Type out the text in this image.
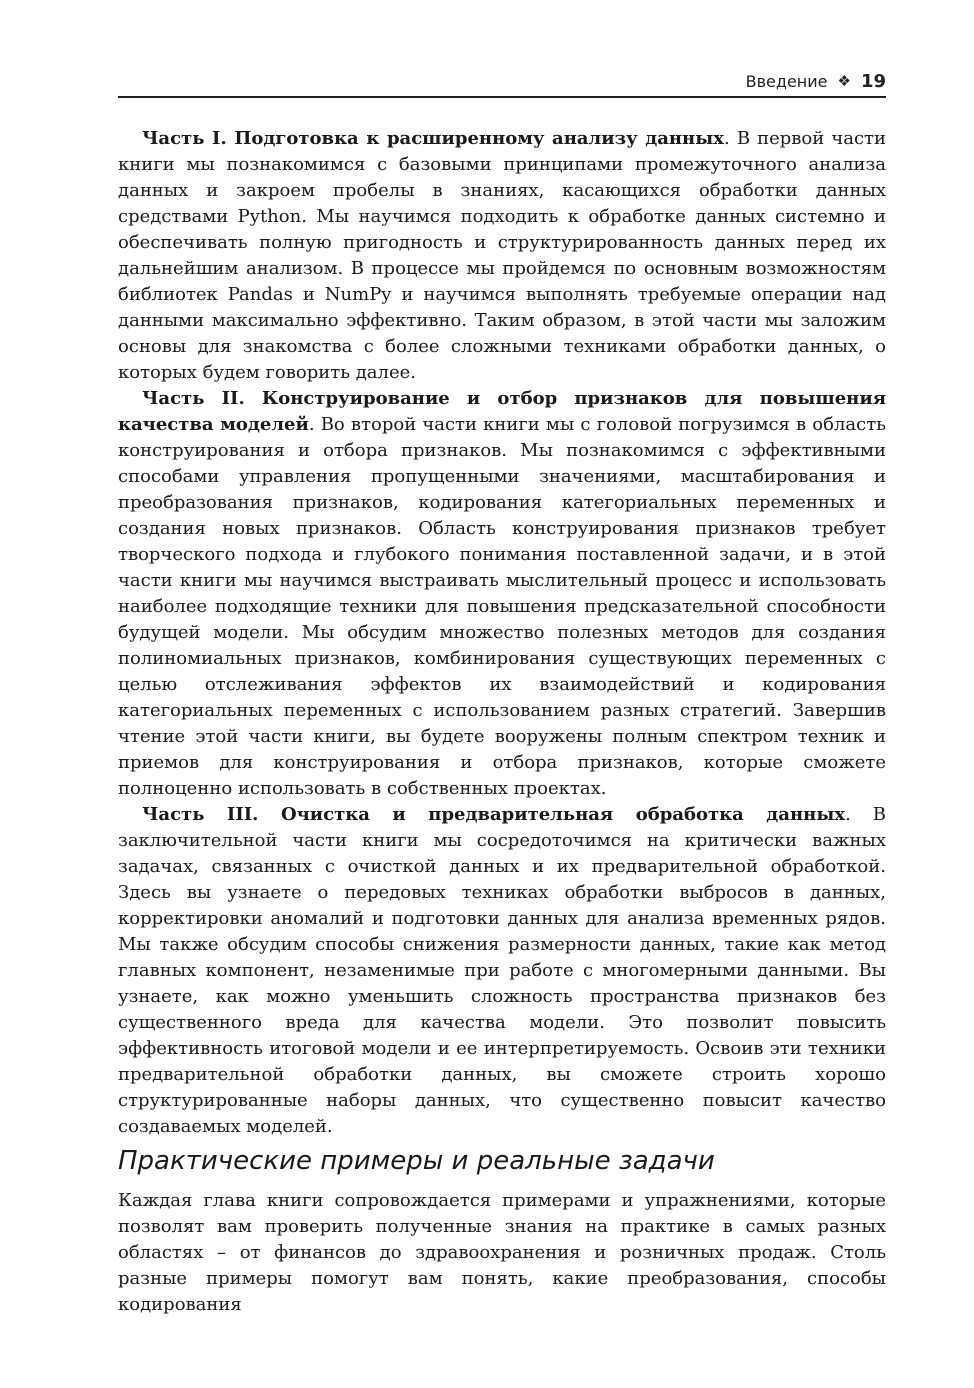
Введение ❖ 19

Часть I. Подготовка к расширенному анализу данных. В первой части книги мы познакомимся с базовыми принципами промежуточного анализа данных и закроем пробелы в знаниях, касающихся обработки данных средствами Python. Мы научимся подходить к обработке данных системно и обеспечивать полную пригодность и структурированность данных перед их дальнейшим анализом. В процессе мы пройдемся по основным возможностям библиотек Pandas и NumPy и научимся выполнять требуемые операции над данными максимально эффективно. Таким образом, в этой части мы заложим основы для знакомства с более сложными техниками обработки данных, о которых будем говорить далее.

Часть II. Конструирование и отбор признаков для повышения качества моделей. Во второй части книги мы с головой погрузимся в область конструирования и отбора признаков. Мы познакомимся с эффективными способами управления пропущенными значениями, масштабирования и преобразования признаков, кодирования категориальных переменных и создания новых признаков. Область конструирования признаков требует творческого подхода и глубокого понимания поставленной задачи, и в этой части книги мы научимся выстраивать мыслительный процесс и использовать наиболее подходящие техники для повышения предсказательной способности будущей модели. Мы обсудим множество полезных методов для создания полиномиальных признаков, комбинирования существующих переменных с целью отслеживания эффектов их взаимодействий и кодирования категориальных переменных с использованием разных стратегий. Завершив чтение этой части книги, вы будете вооружены полным спектром техник и приемов для конструирования и отбора признаков, которые сможете полноценно использовать в собственных проектах.

Часть III. Очистка и предварительная обработка данных. В заключительной части книги мы сосредоточимся на критически важных задачах, связанных с очисткой данных и их предварительной обработкой. Здесь вы узнаете о передовых техниках обработки выбросов в данных, корректировки аномалий и подготовки данных для анализа временных рядов. Мы также обсудим способы снижения размерности данных, такие как метод главных компонент, незаменимые при работе с многомерными данными. Вы узнаете, как можно уменьшить сложность пространства признаков без существенного вреда для качества модели. Это позволит повысить эффективность итоговой модели и ее интерпретируемость. Освоив эти техники предварительной обработки данных, вы сможете строить хорошо структурированные наборы данных, что существенно повысит качество создаваемых моделей.

Практические примеры и реальные задачи

Каждая глава книги сопровождается примерами и упражнениями, которые позволят вам проверить полученные знания на практике в самых разных областях – от финансов до здравоохранения и розничных продаж. Столь разные примеры помогут вам понять, какие преобразования, способы кодирования
